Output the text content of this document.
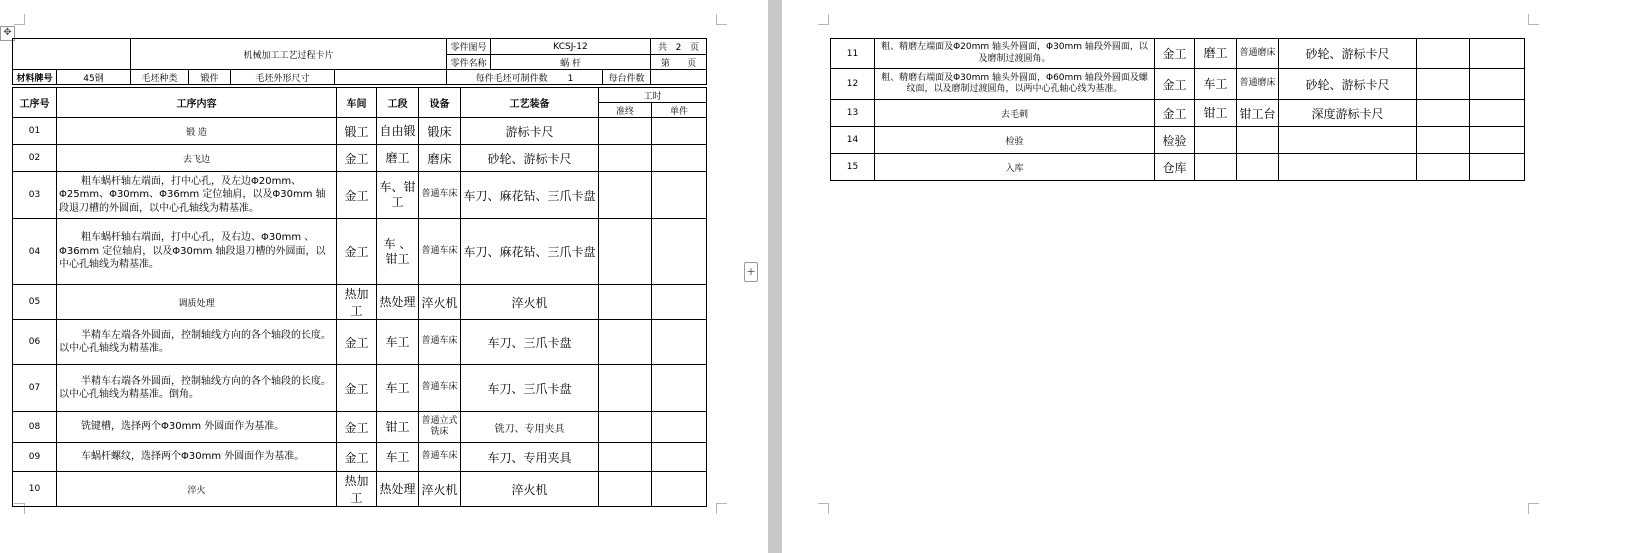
✥
+
		机械加工工艺过程卡片				零件图号	KCSJ-12		共 2 页
						零件名称	蜗 杆		第 页
材料牌号	45钢	毛坯种类	锻件	毛坯外形尺寸		每件毛坯可制件数 1		每台件数	
工序号	工序内容	车间	工段	设备	工艺装备	工时	
						准终	单件
01	锻 造	锻工	自由锻	锻床	游标卡尺		
02	去飞边	金工	磨工	磨床	砂轮、游标卡尺		
03	粗车蜗杆轴左端面，打中心孔，及左边Φ20mm、Φ25mm、Φ30mm、Φ36mm 定位轴肩，以及Φ30mm 轴段退刀槽的外圆面，以中心孔轴线为精基准。	金工	车、钳工	普通车床	车刀、麻花钻、三爪卡盘		
04	粗车蜗杆轴右端面，打中心孔，及右边、Φ30mm 、Φ36mm 定位轴肩，以及Φ30mm 轴段退刀槽的外圆面，以中心孔轴线为精基准。	金工	车 、钳工	普通车床	车刀、麻花钻、三爪卡盘		
05	调质处理	热加工	热处理	淬火机	淬火机		
06	半精车左端各外圆面，控制轴线方向的各个轴段的长度。以中心孔轴线为精基准。	金工	车工	普通车床	车刀、三爪卡盘		
07	半精车右端各外圆面，控制轴线方向的各个轴段的长度。以中心孔轴线为精基准。倒角。	金工	车工	普通车床	车刀、三爪卡盘		
08	铣键槽，选择两个Φ30mm 外圆面作为基准。	金工	钳工	普通立式铣床	铣刀、专用夹具		
09	车蜗杆螺纹，选择两个Φ30mm 外圆面作为基准。	金工	车工	普通车床	车刀、专用夹具		
10	淬火	热加工	热处理	淬火机	淬火机		
11	粗、精磨左端面及Φ20mm 轴头外圆面，Φ30mm 轴段外圆面，以及磨制过渡圆角。	金工	磨工	普通磨床	砂轮、游标卡尺		
12	粗、精磨右端面及Φ30mm 轴头外圆面，Φ60mm 轴段外圆面及螺纹面，以及磨制过渡圆角，以两中心孔轴心线为基准。	金工	车工	普通磨床	砂轮、游标卡尺		
13	去毛刺	金工	钳工	钳工台	深度游标卡尺		
14	检验	检验					
15	入库	仓库					
